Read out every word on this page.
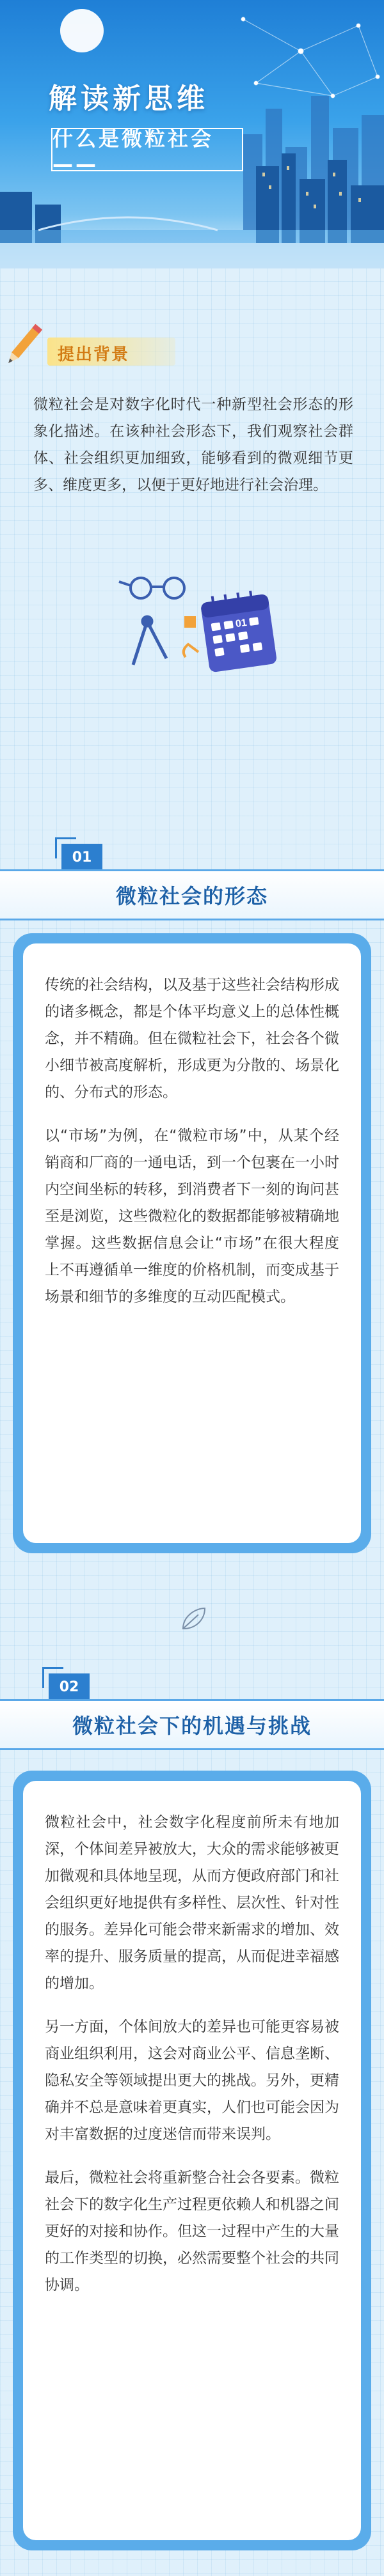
解读新思维
什么是微粒社会——
提出背景

微粒社会是对数字化时代一种新型社会形态的形象化描述。在该种社会形态下，我们观察社会群体、社会组织更加细致，能够看到的微观细节更多、维度更多，以便于更好地进行社会治理。

01
01
微粒社会的形态

传统的社会结构，以及基于这些社会结构形成的诸多概念，都是个体平均意义上的总体性概念，并不精确。但在微粒社会下，社会各个微小细节被高度解析，形成更为分散的、场景化的、分布式的形态。

以“市场”为例，在“微粒市场”中，从某个经销商和厂商的一通电话，到一个包裹在一小时内空间坐标的转移，到消费者下一刻的询问甚至是浏览，这些微粒化的数据都能够被精确地掌握。这些数据信息会让“市场”在很大程度上不再遵循单一维度的价格机制，而变成基于场景和细节的多维度的互动匹配模式。

02
微粒社会下的机遇与挑战

微粒社会中，社会数字化程度前所未有地加深，个体间差异被放大，大众的需求能够被更加微观和具体地呈现，从而方便政府部门和社会组织更好地提供有多样性、层次性、针对性的服务。差异化可能会带来新需求的增加、效率的提升、服务质量的提高，从而促进幸福感的增加。

另一方面，个体间放大的差异也可能更容易被商业组织利用，这会对商业公平、信息垄断、隐私安全等领域提出更大的挑战。另外，更精确并不总是意味着更真实，人们也可能会因为对丰富数据的过度迷信而带来误判。

最后，微粒社会将重新整合社会各要素。微粒社会下的数字化生产过程更依赖人和机器之间更好的对接和协作。但这一过程中产生的大量的工作类型的切换，必然需要整个社会的共同协调。
